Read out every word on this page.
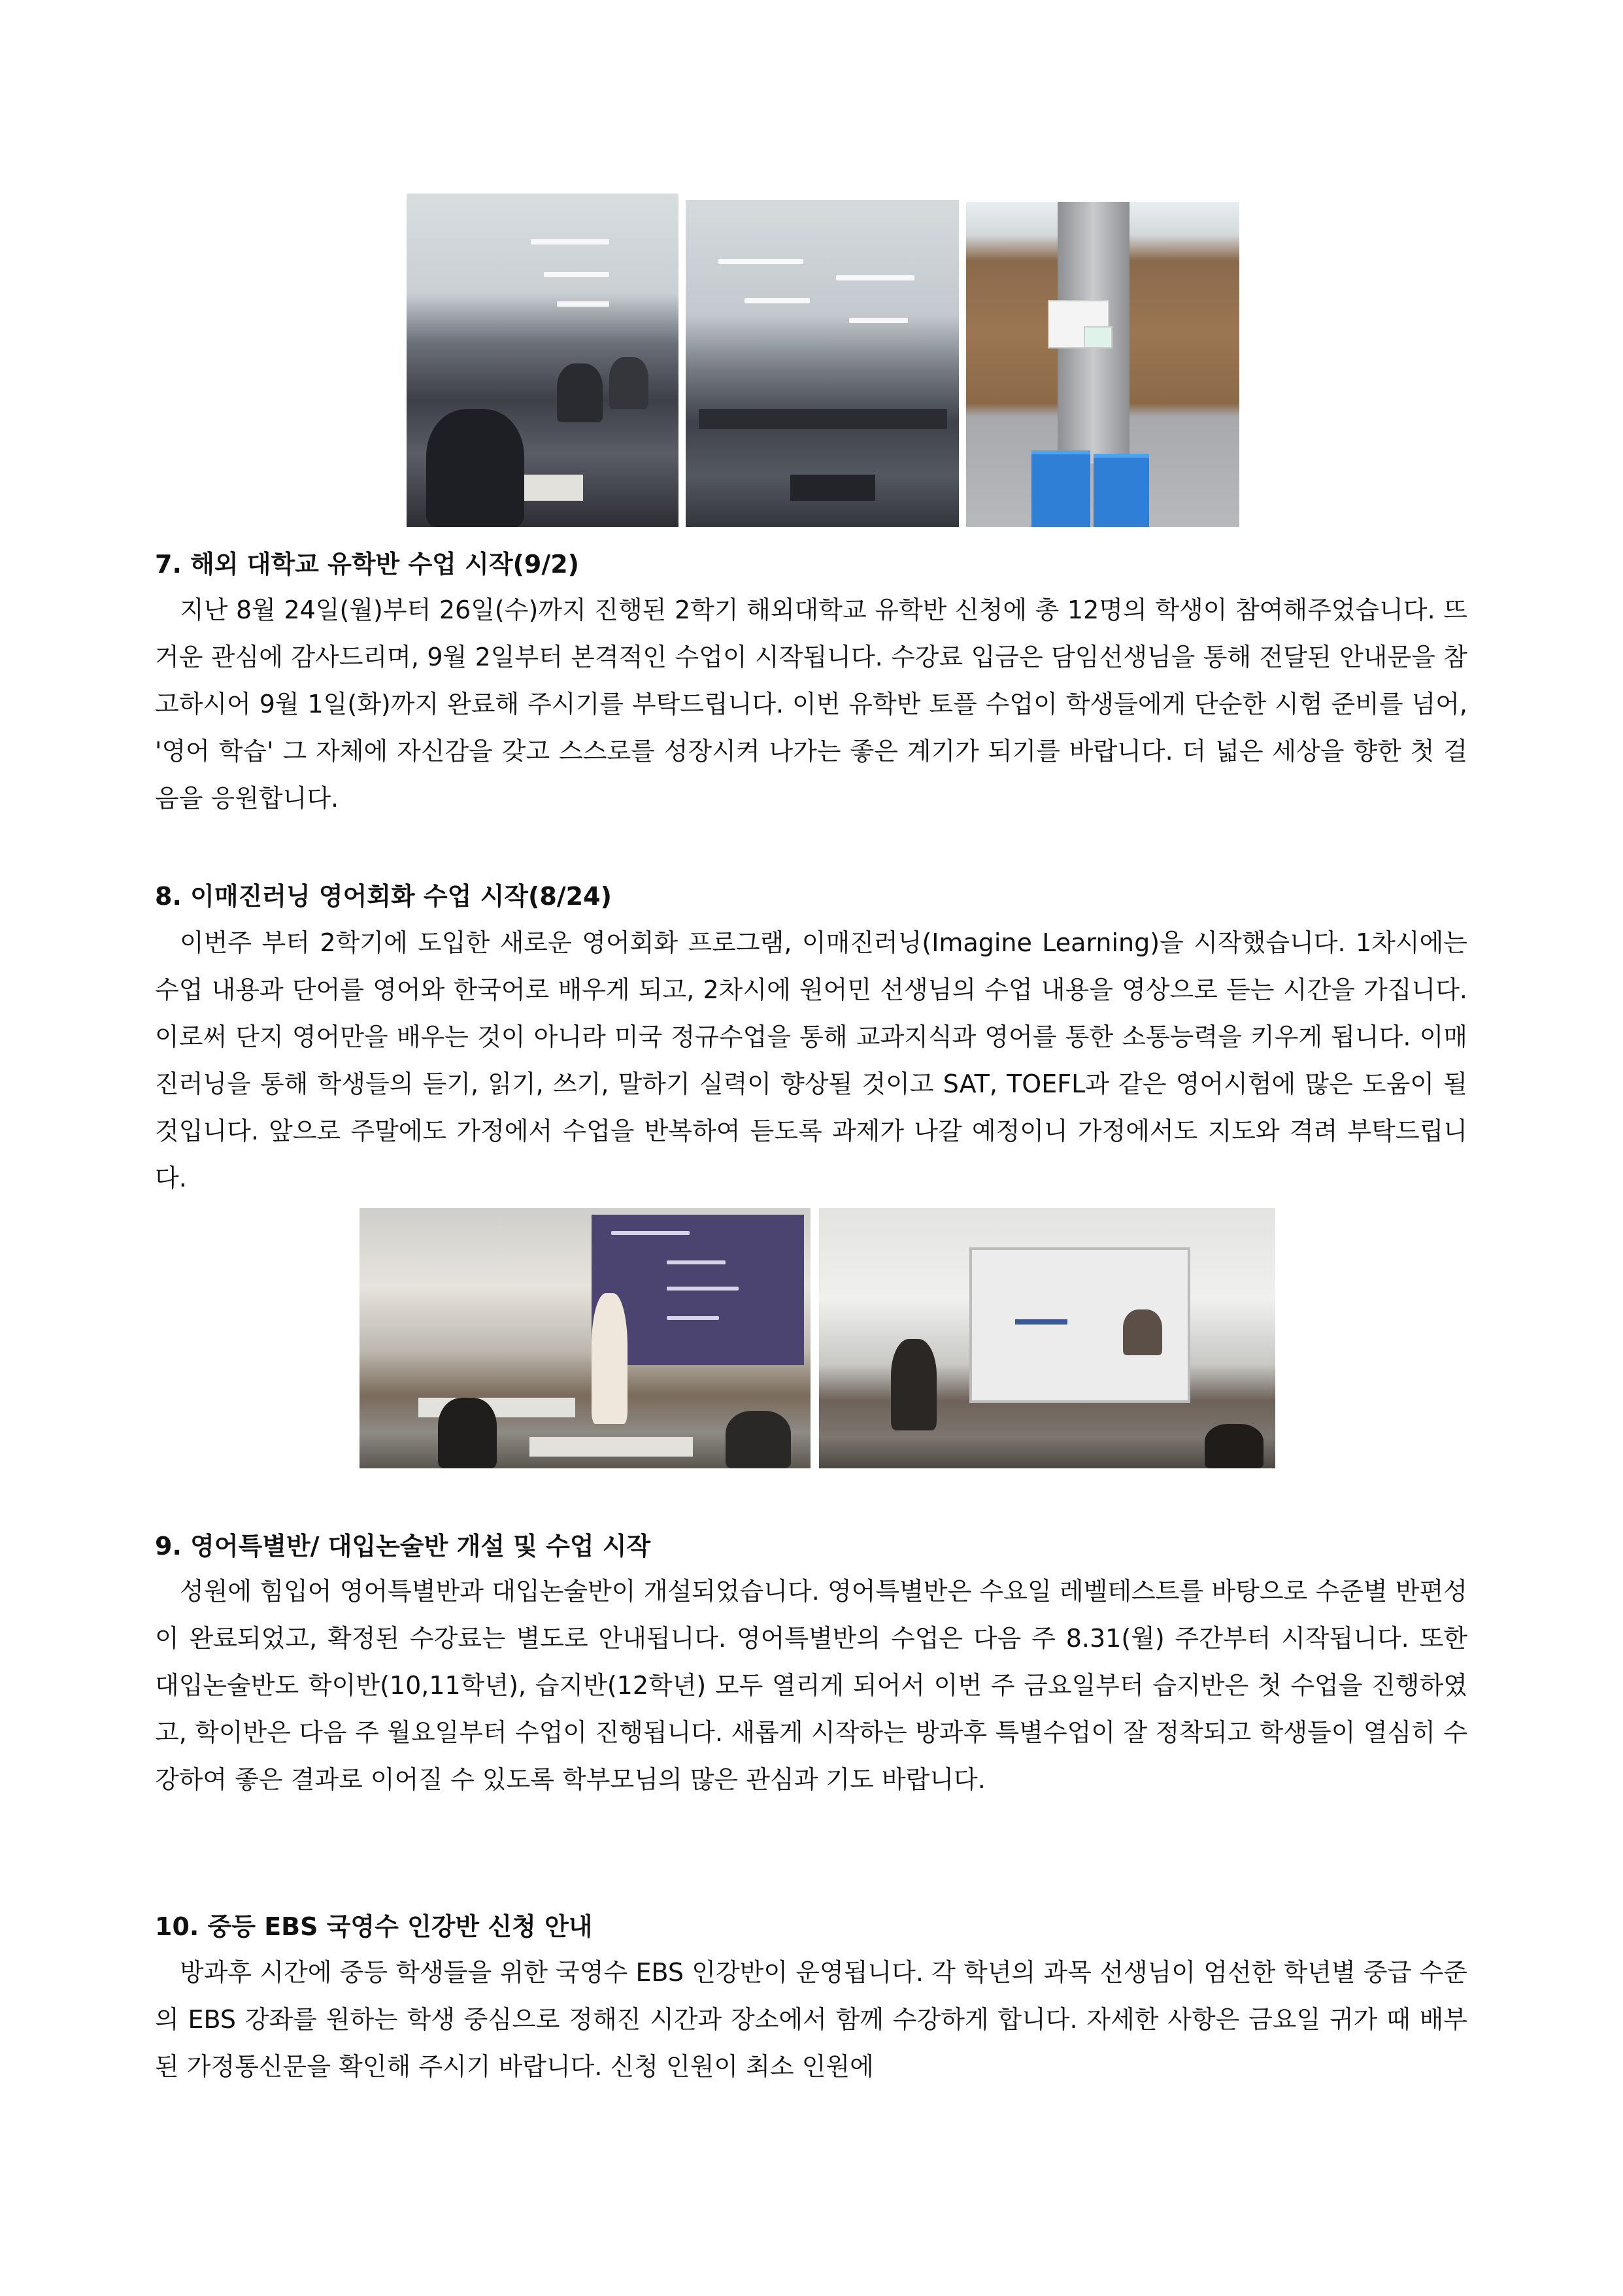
7. 해외 대학교 유학반 수업 시작(9/2)

지난 8월 24일(월)부터 26일(수)까지 진행된 2학기 해외대학교 유학반 신청에 총 12명의 학생이 참여해주었습니다. 뜨거운 관심에 감사드리며, 9월 2일부터 본격적인 수업이 시작됩니다. 수강료 입금은 담임선생님을 통해 전달된 안내문을 참고하시어 9월 1일(화)까지 완료해 주시기를 부탁드립니다. 이번 유학반 토플 수업이 학생들에게 단순한 시험 준비를 넘어, '영어 학습' 그 자체에 자신감을 갖고 스스로를 성장시켜 나가는 좋은 계기가 되기를 바랍니다. 더 넓은 세상을 향한 첫 걸음을 응원합니다.

8. 이매진러닝 영어회화 수업 시작(8/24)

이번주 부터 2학기에 도입한 새로운 영어회화 프로그램, 이매진러닝(Imagine Learning)을 시작했습니다. 1차시에는 수업 내용과 단어를 영어와 한국어로 배우게 되고, 2차시에 원어민 선생님의 수업 내용을 영상으로 듣는 시간을 가집니다. 이로써 단지 영어만을 배우는 것이 아니라 미국 정규수업을 통해 교과지식과 영어를 통한 소통능력을 키우게 됩니다. 이매진러닝을 통해 학생들의 듣기, 읽기, 쓰기, 말하기 실력이 향상될 것이고 SAT, TOEFL과 같은 영어시험에 많은 도움이 될것입니다. 앞으로 주말에도 가정에서 수업을 반복하여 듣도록 과제가 나갈 예정이니 가정에서도 지도와 격려 부탁드립니다.

9. 영어특별반/ 대입논술반 개설 및 수업 시작

성원에 힘입어 영어특별반과 대입논술반이 개설되었습니다. 영어특별반은 수요일 레벨테스트를 바탕으로 수준별 반편성이 완료되었고, 확정된 수강료는 별도로 안내됩니다. 영어특별반의 수업은 다음 주 8.31(월) 주간부터 시작됩니다. 또한 대입논술반도 학이반(10,11학년), 습지반(12학년) 모두 열리게 되어서 이번 주 금요일부터 습지반은 첫 수업을 진행하였고, 학이반은 다음 주 월요일부터 수업이 진행됩니다. 새롭게 시작하는 방과후 특별수업이 잘 정착되고 학생들이 열심히 수강하여 좋은 결과로 이어질 수 있도록 학부모님의 많은 관심과 기도 바랍니다.

10. 중등 EBS 국영수 인강반 신청 안내

방과후 시간에 중등 학생들을 위한 국영수 EBS 인강반이 운영됩니다. 각 학년의 과목 선생님이 엄선한 학년별 중급 수준의 EBS 강좌를 원하는 학생 중심으로 정해진 시간과 장소에서 함께 수강하게 합니다. 자세한 사항은 금요일 귀가 때 배부된 가정통신문을 확인해 주시기 바랍니다. 신청 인원이 최소 인원에
